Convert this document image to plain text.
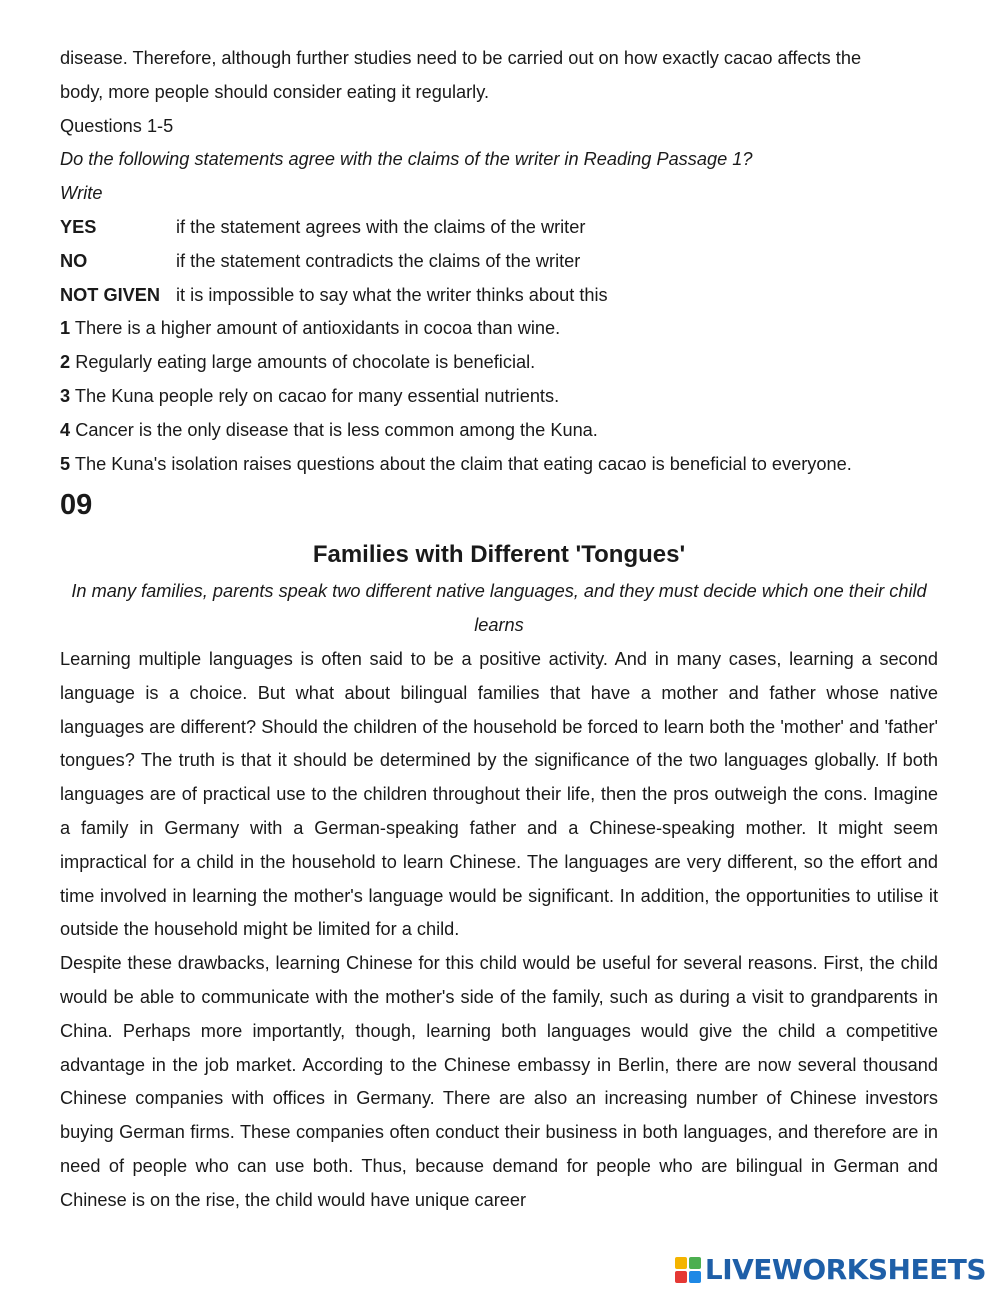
disease. Therefore, although further studies need to be carried out on how exactly cacao affects the

body, more people should consider eating it regularly.

Questions 1-5

Do the following statements agree with the claims of the writer in Reading Passage 1?

Write

YES	if the statement agrees with the claims of the writer
NO	if the statement contradicts the claims of the writer
NOT GIVEN it is impossible to say what the writer thinks about this

1 There is a higher amount of antioxidants in cocoa than wine.

2 Regularly eating large amounts of chocolate is beneficial.

3 The Kuna people rely on cacao for many essential nutrients.

4 Cancer is the only disease that is less common among the Kuna.

5 The Kuna's isolation raises questions about the claim that eating cacao is beneficial to everyone.

09

Families with Different 'Tongues'

In many families, parents speak two different native languages, and they must decide which one their child learns

Learning multiple languages is often said to be a positive activity. And in many cases, learning a second language is a choice. But what about bilingual families that have a mother and father whose native languages are different? Should the children of the household be forced to learn both the 'mother' and 'father' tongues? The truth is that it should be determined by the significance of the two languages globally. If both languages are of practical use to the children throughout their life, then the pros outweigh the cons. Imagine a family in Germany with a German-speaking father and a Chinese-speaking mother. It might seem impractical for a child in the household to learn Chinese. The languages are very different, so the effort and time involved in learning the mother's language would be significant. In addition, the opportunities to utilise it outside the household might be limited for a child.

Despite these drawbacks, learning Chinese for this child would be useful for several reasons. First, the child would be able to communicate with the mother's side of the family, such as during a visit to grandparents in China. Perhaps more importantly, though, learning both languages would give the child a competitive advantage in the job market. According to the Chinese embassy in Berlin, there are now several thousand Chinese companies with offices in Germany. There are also an increasing number of Chinese investors buying German firms. These companies often conduct their business in both languages, and therefore are in need of people who can use both. Thus, because demand for people who are bilingual in German and Chinese is on the rise, the child would have unique career

LIVEWORKSHEETS
